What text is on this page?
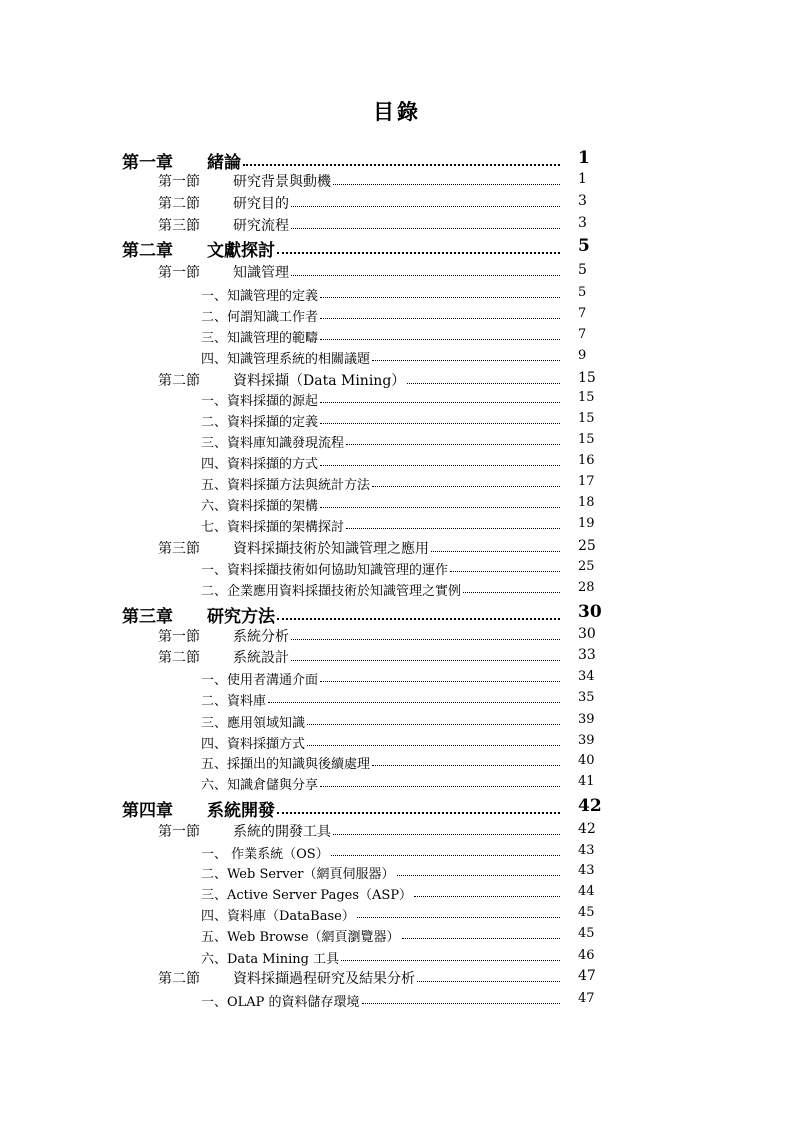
目錄
第一章 緒論	1
第一節 研究背景與動機	1
第二節 研究目的	3
第三節 研究流程	3
第二章 文獻探討	5
第一節 知識管理	5
一、知識管理的定義	5
二、何謂知識工作者	7
三、知識管理的範疇	7
四、知識管理系統的相關議題	9
第二節 資料採擷（Data Mining）	15
一、資料採擷的源起	15
二、資料採擷的定義	15
三、資料庫知識發現流程	15
四、資料採擷的方式	16
五、資料採擷方法與統計方法	17
六、資料採擷的架構	18
七、資料採擷的架構探討	19
第三節 資料採擷技術於知識管理之應用	25
一、資料採擷技術如何協助知識管理的運作	25
二、企業應用資料採擷技術於知識管理之實例	28
第三章 研究方法	30
第一節 系統分析	30
第二節 系統設計	33
一、使用者溝通介面	34
二、資料庫	35
三、應用領域知識	39
四、資料採擷方式	39
五、採擷出的知識與後續處理	40
六、知識倉儲與分享	41
第四章 系統開發	42
第一節 系統的開發工具	42
一、 作業系統（OS）	43
二、Web Server（網頁伺服器）	43
三、Active Server Pages（ASP）	44
四、資料庫（DataBase）	45
五、Web Browse（網頁瀏覽器）	45
六、Data Mining 工具	46
第二節 資料採擷過程研究及結果分析	47
一、OLAP 的資料儲存環境	47
